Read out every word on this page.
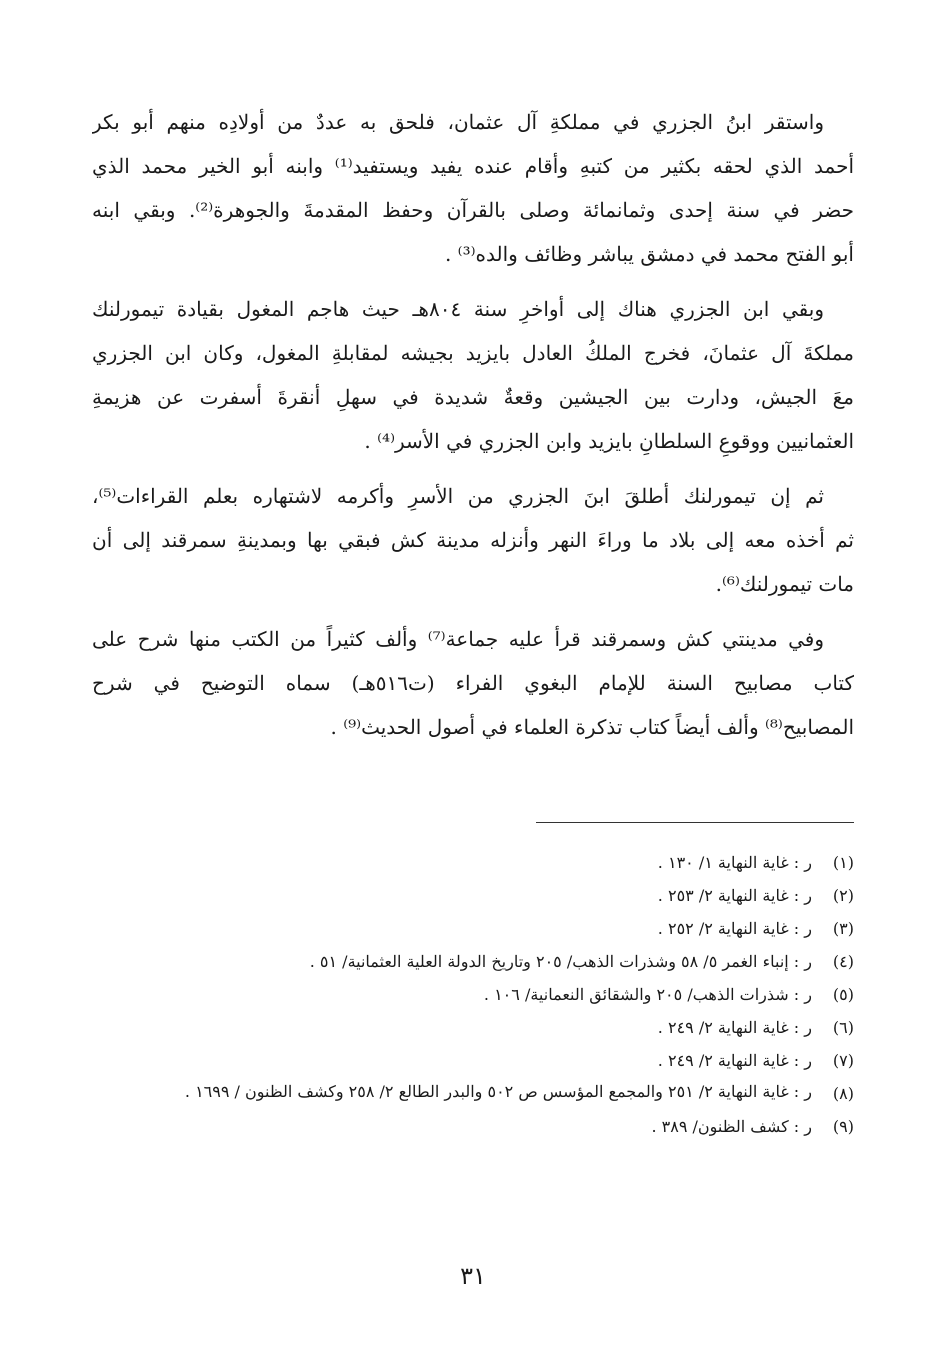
واستقر ابنُ الجزري في مملكةِ آل عثمان، فلحق به عددٌ من أولادِه منهم أبو بكر
أحمد الذي لحقه بكثير من كتبهِ وأقام عنده يفيد ويستفيد⁽¹⁾ وابنه أبو الخير محمد الذي
حضر في سنة إحدى وثمانمائة وصلى بالقرآن وحفظ المقدمةَ والجوهرة⁽²⁾. وبقي ابنه
أبو الفتح محمد في دمشق يباشر وظائف والده⁽³⁾ .
وبقي ابن الجزري هناك إلى أواخرِ سنة ٨٠٤هـ حيث هاجم المغول بقيادة تيمورلنك
مملكةَ آل عثمانَ، فخرج الملكُ العادل بايزيد بجيشه لمقابلةِ المغول، وكان ابن الجزري
معَ الجيش، ودارت بين الجيشين وقعةٌ شديدة في سهلِ أنقرةَ أسفرت عن هزيمةِ
العثمانيين ووقوعِ السلطانِ بايزيد وابن الجزري في الأسر⁽⁴⁾ .
ثم إن تيمورلنك أطلقَ ابنَ الجزري من الأسرِ وأكرمه لاشتهاره بعلم القراءات⁽⁵⁾،
ثم أخذه معه إلى بلاد ما وراءَ النهر وأنزله مدينة كش فبقي بها وبمدينةِ سمرقند إلى أن
مات تيمورلنك⁽⁶⁾.
وفي مدينتي كش وسمرقند قرأ عليه جماعة⁽⁷⁾ وألف كثيراً من الكتب منها شرح على
كتاب مصابيح السنة للإمام البغوي الفراء (ت٥١٦هـ) سماه التوضيح في شرح
المصابيح⁽⁸⁾ وألف أيضاً كتاب تذكرة العلماء في أصول الحديث⁽⁹⁾ .
(١)
ر : غاية النهاية ١/ ١٣٠ .
(٢)
ر : غاية النهاية ٢/ ٢٥٣ .
(٣)
ر : غاية النهاية ٢/ ٢٥٢ .
(٤)
ر : إنباء الغمر ٥/ ٥٨ وشذرات الذهب/ ٢٠٥ وتاريخ الدولة العلية العثمانية/ ٥١ .
(٥)
ر : شذرات الذهب/ ٢٠٥ والشقائق النعمانية/ ١٠٦ .
(٦)
ر : غاية النهاية ٢/ ٢٤٩ .
(٧)
ر : غاية النهاية ٢/ ٢٤٩ .
(٨)
ر : غاية النهاية ٢/ ٢٥١ والمجمع المؤسس ص ٥٠٢ والبدر الطالع ٢/ ٢٥٨ وكشف الظنون / ١٦٩٩ .
(٩)
ر : كشف الظنون/ ٣٨٩ .
٣١
